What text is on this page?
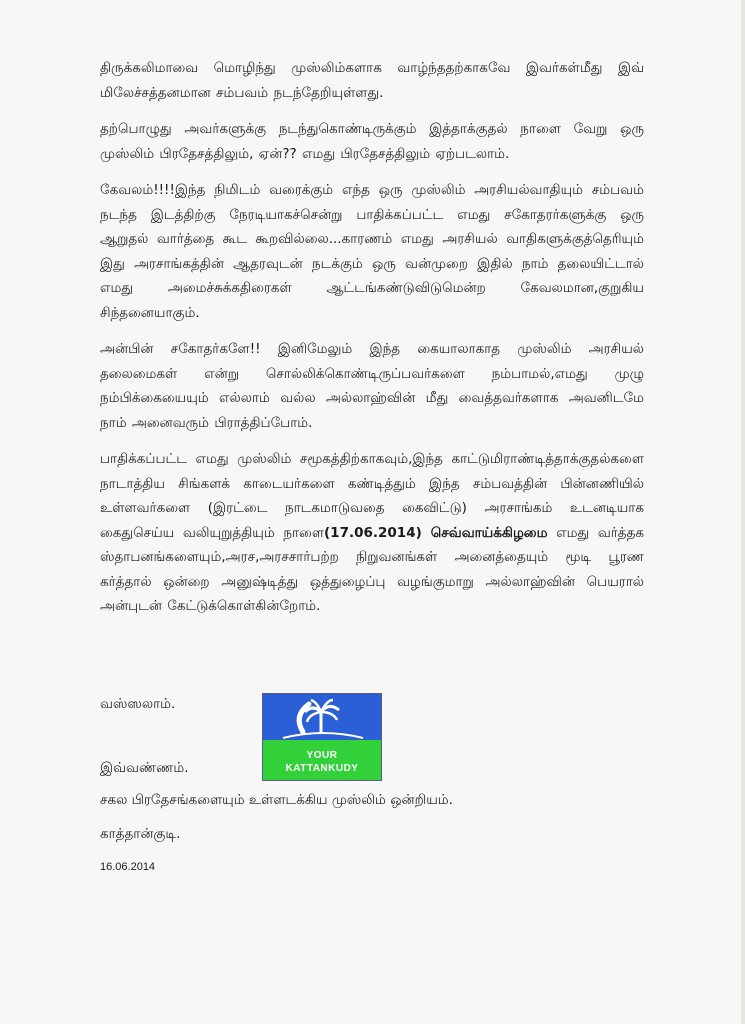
திருக்கலிமாவை மொழிந்து முஸ்லிம்களாக வாழ்ந்ததற்காகவே இவர்கள்மீது இவ் மிலேச்சத்தனமான சம்பவம் நடந்தேறியுள்ளது.

தற்பொழுது அவர்களுக்கு நடந்துகொண்டிருக்கும் இத்தாக்குதல் நாளை வேறு ஒரு முஸ்லிம் பிரதேசத்திலும், ஏன்?? எமது பிரதேசத்திலும் ஏற்படலாம்.

கேவலம்!!!!இந்த நிமிடம் வரைக்கும் எந்த ஒரு முஸ்லிம் அரசியல்வாதியும் சம்பவம் நடந்த இடத்திற்கு நேரடியாகச்சென்று பாதிக்கப்பட்ட எமது சகோதரர்களுக்கு ஒரு ஆறுதல் வார்த்தை கூட கூறவில்லை...காரணம் எமது அரசியல் வாதிகளுக்குத்தெரியும் இது அரசாங்கத்தின் ஆதரவுடன் நடக்கும் ஒரு வன்முறை இதில் நாம் தலையிட்டால் எமது அமைச்சுக்கதிரைகள் ஆட்டங்கண்டுவிடுமென்ற கேவலமான,குறுகிய சிந்தனையாகும்.

அன்பின் சகோதர்களே!! இனிமேலும் இந்த கையாலாகாத முஸ்லிம் அரசியல் தலைமைகள் என்று சொல்லிக்கொண்டிருப்பவர்களை நம்பாமல்,எமது முழு நம்பிக்கையையும் எல்லாம் வல்ல அல்லாஹ்வின் மீது வைத்தவர்களாக அவனிடமே நாம் அனைவரும் பிராத்திப்போம்.

பாதிக்கப்பட்ட எமது முஸ்லிம் சமூகத்திற்காகவும்,இந்த காட்டுமிராண்டித்தாக்குதல்களை நாடாத்திய சிங்களக் காடையர்களை கண்டித்தும் இந்த சம்பவத்தின் பின்னணியில் உள்ளவர்களை (இரட்டை நாடகமாடுவதை கைவிட்டு) அரசாங்கம் உடனடியாக கைதுசெய்ய வலியுறுத்தியும் நாளை(17.06.2014) செவ்வாய்க்கிழமை எமது வர்த்தக ஸ்தாபனங்களையும்,அரச,அரசசார்பற்ற நிறுவனங்கள் அனைத்தையும் மூடி பூரண கர்த்தால் ஒன்றை அனுஷ்டித்து ஒத்துழைப்பு வழங்குமாறு அல்லாஹ்வின் பெயரால் அன்புடன் கேட்டுக்கொள்கின்றோம்.

வஸ்ஸலாம்.
இவ்வண்ணம்.
சகல பிரதேசங்களையும் உள்ளடக்கிய முஸ்லிம் ஒன்றியம்.
காத்தான்குடி.
16.06.2014
YOUR
KATTANKUDY
